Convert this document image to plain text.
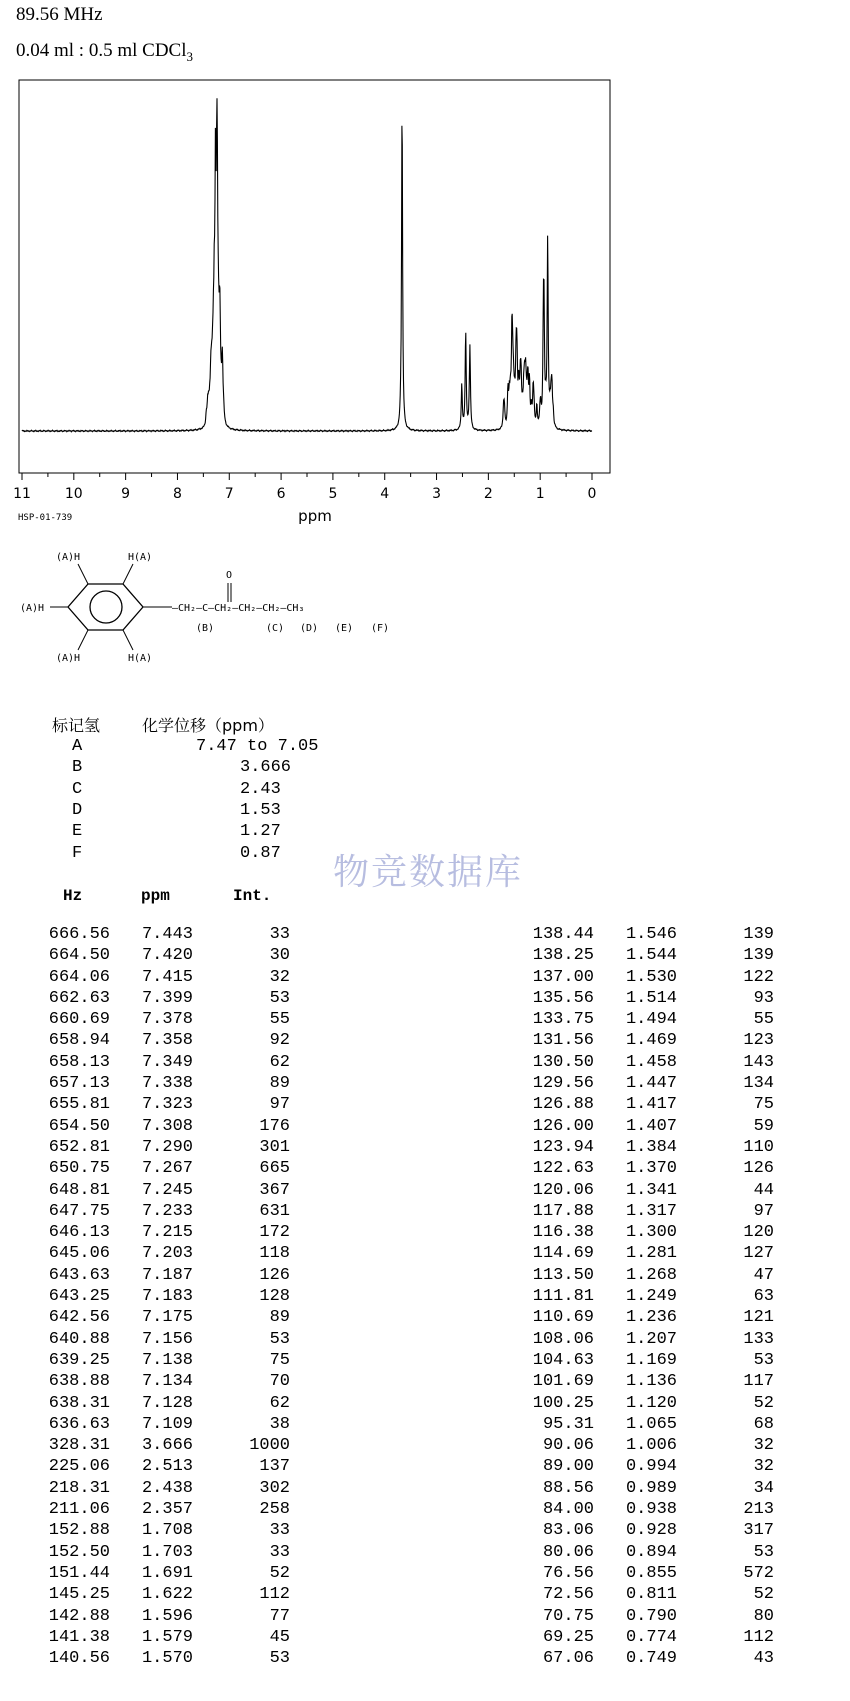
89.56 MHz
0.04 ml : 0.5 ml CDCl$_3$
11 10	9	8	7	6	5	4	3	2	1	0
ppm
HSP-01-739
(A)H	H(A)
(A)H
(A)H	H(A)
O
—CH₂—C—CH₂—CH₂—CH₂—CH₃
(B)	(C) (D) (E) (F)
标记氢	化学位移（ppm）
A	7.47 to 7.05
B	3.666
C	2.43
D	1.53
E	1.27
F	0.87 物竞数据库
Hz	ppm	Int.
666.56 7.443	33
664.50 7.420	30
664.06 7.415	32
662.63 7.399	53
660.69 7.378	55
658.94 7.358	92
658.13 7.349	62
657.13 7.338	89
655.81 7.323	97
654.50 7.308	176
652.81 7.290	301
650.75 7.267	665
648.81 7.245	367
647.75 7.233	631
646.13 7.215	172
645.06 7.203	118
643.63 7.187	126
643.25 7.183	128
642.56 7.175	89
640.88 7.156	53
639.25 7.138	75
638.88 7.134	70
638.31 7.128	62
636.63 7.109	38
328.31 3.666	1000
225.06 2.513	137
218.31 2.438	302
211.06 2.357	258
152.88 1.708	33
152.50 1.703	33
151.44 1.691	52
145.25 1.622	112
142.88 1.596	77
141.38 1.579	45
140.56 1.570	53
138.44 1.546	139
138.25 1.544	139
137.00 1.530	122
135.56 1.514	93
133.75 1.494	55
131.56 1.469	123
130.50 1.458	143
129.56 1.447	134
126.88 1.417	75
126.00 1.407	59
123.94 1.384	110
122.63 1.370	126
120.06 1.341	44
117.88 1.317	97
116.38 1.300	120
114.69 1.281	127
113.50 1.268	47
111.81 1.249	63
110.69 1.236	121
108.06 1.207	133
104.63 1.169	53
101.69 1.136	117
100.25 1.120	52
95.31 1.065	68
90.06 1.006	32
89.00 0.994	32
88.56 0.989	34
84.00 0.938	213
83.06 0.928	317
80.06 0.894	53
76.56 0.855	572
72.56 0.811	52
70.75 0.790	80
69.25 0.774	112
67.06 0.749	43
